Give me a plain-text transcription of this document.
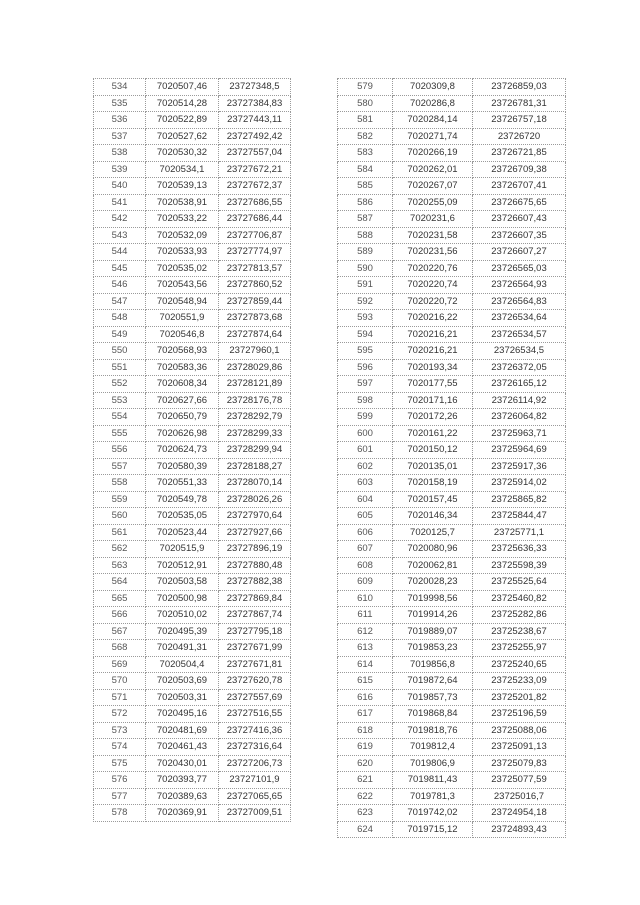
534	7020507,46	23727348,5
535	7020514,28	23727384,83
536	7020522,89	23727443,11
537	7020527,62	23727492,42
538	7020530,32	23727557,04
539	7020534,1	23727672,21
540	7020539,13	23727672,37
541	7020538,91	23727686,55
542	7020533,22	23727686,44
543	7020532,09	23727706,87
544	7020533,93	23727774,97
545	7020535,02	23727813,57
546	7020543,56	23727860,52
547	7020548,94	23727859,44
548	7020551,9	23727873,68
549	7020546,8	23727874,64
550	7020568,93	23727960,1
551	7020583,36	23728029,86
552	7020608,34	23728121,89
553	7020627,66	23728176,78
554	7020650,79	23728292,79
555	7020626,98	23728299,33
556	7020624,73	23728299,94
557	7020580,39	23728188,27
558	7020551,33	23728070,14
559	7020549,78	23728026,26
560	7020535,05	23727970,64
561	7020523,44	23727927,66
562	7020515,9	23727896,19
563	7020512,91	23727880,48
564	7020503,58	23727882,38
565	7020500,98	23727869,84
566	7020510,02	23727867,74
567	7020495,39	23727795,18
568	7020491,31	23727671,99
569	7020504,4	23727671,81
570	7020503,69	23727620,78
571	7020503,31	23727557,69
572	7020495,16	23727516,55
573	7020481,69	23727416,36
574	7020461,43	23727316,64
575	7020430,01	23727206,73
576	7020393,77	23727101,9
577	7020389,63	23727065,65
578	7020369,91	23727009,51
579	7020309,8	23726859,03
580	7020286,8	23726781,31
581	7020284,14	23726757,18
582	7020271,74	23726720
583	7020266,19	23726721,85
584	7020262,01	23726709,38
585	7020267,07	23726707,41
586	7020255,09	23726675,65
587	7020231,6	23726607,43
588	7020231,58	23726607,35
589	7020231,56	23726607,27
590	7020220,76	23726565,03
591	7020220,74	23726564,93
592	7020220,72	23726564,83
593	7020216,22	23726534,64
594	7020216,21	23726534,57
595	7020216,21	23726534,5
596	7020193,34	23726372,05
597	7020177,55	23726165,12
598	7020171,16	23726114,92
599	7020172,26	23726064,82
600	7020161,22	23725963,71
601	7020150,12	23725964,69
602	7020135,01	23725917,36
603	7020158,19	23725914,02
604	7020157,45	23725865,82
605	7020146,34	23725844,47
606	7020125,7	23725771,1
607	7020080,96	23725636,33
608	7020062,81	23725598,39
609	7020028,23	23725525,64
610	7019998,56	23725460,82
611	7019914,26	23725282,86
612	7019889,07	23725238,67
613	7019853,23	23725255,97
614	7019856,8	23725240,65
615	7019872,64	23725233,09
616	7019857,73	23725201,82
617	7019868,84	23725196,59
618	7019818,76	23725088,06
619	7019812,4	23725091,13
620	7019806,9	23725079,83
621	7019811,43	23725077,59
622	7019781,3	23725016,7
623	7019742,02	23724954,18
624	7019715,12	23724893,43
